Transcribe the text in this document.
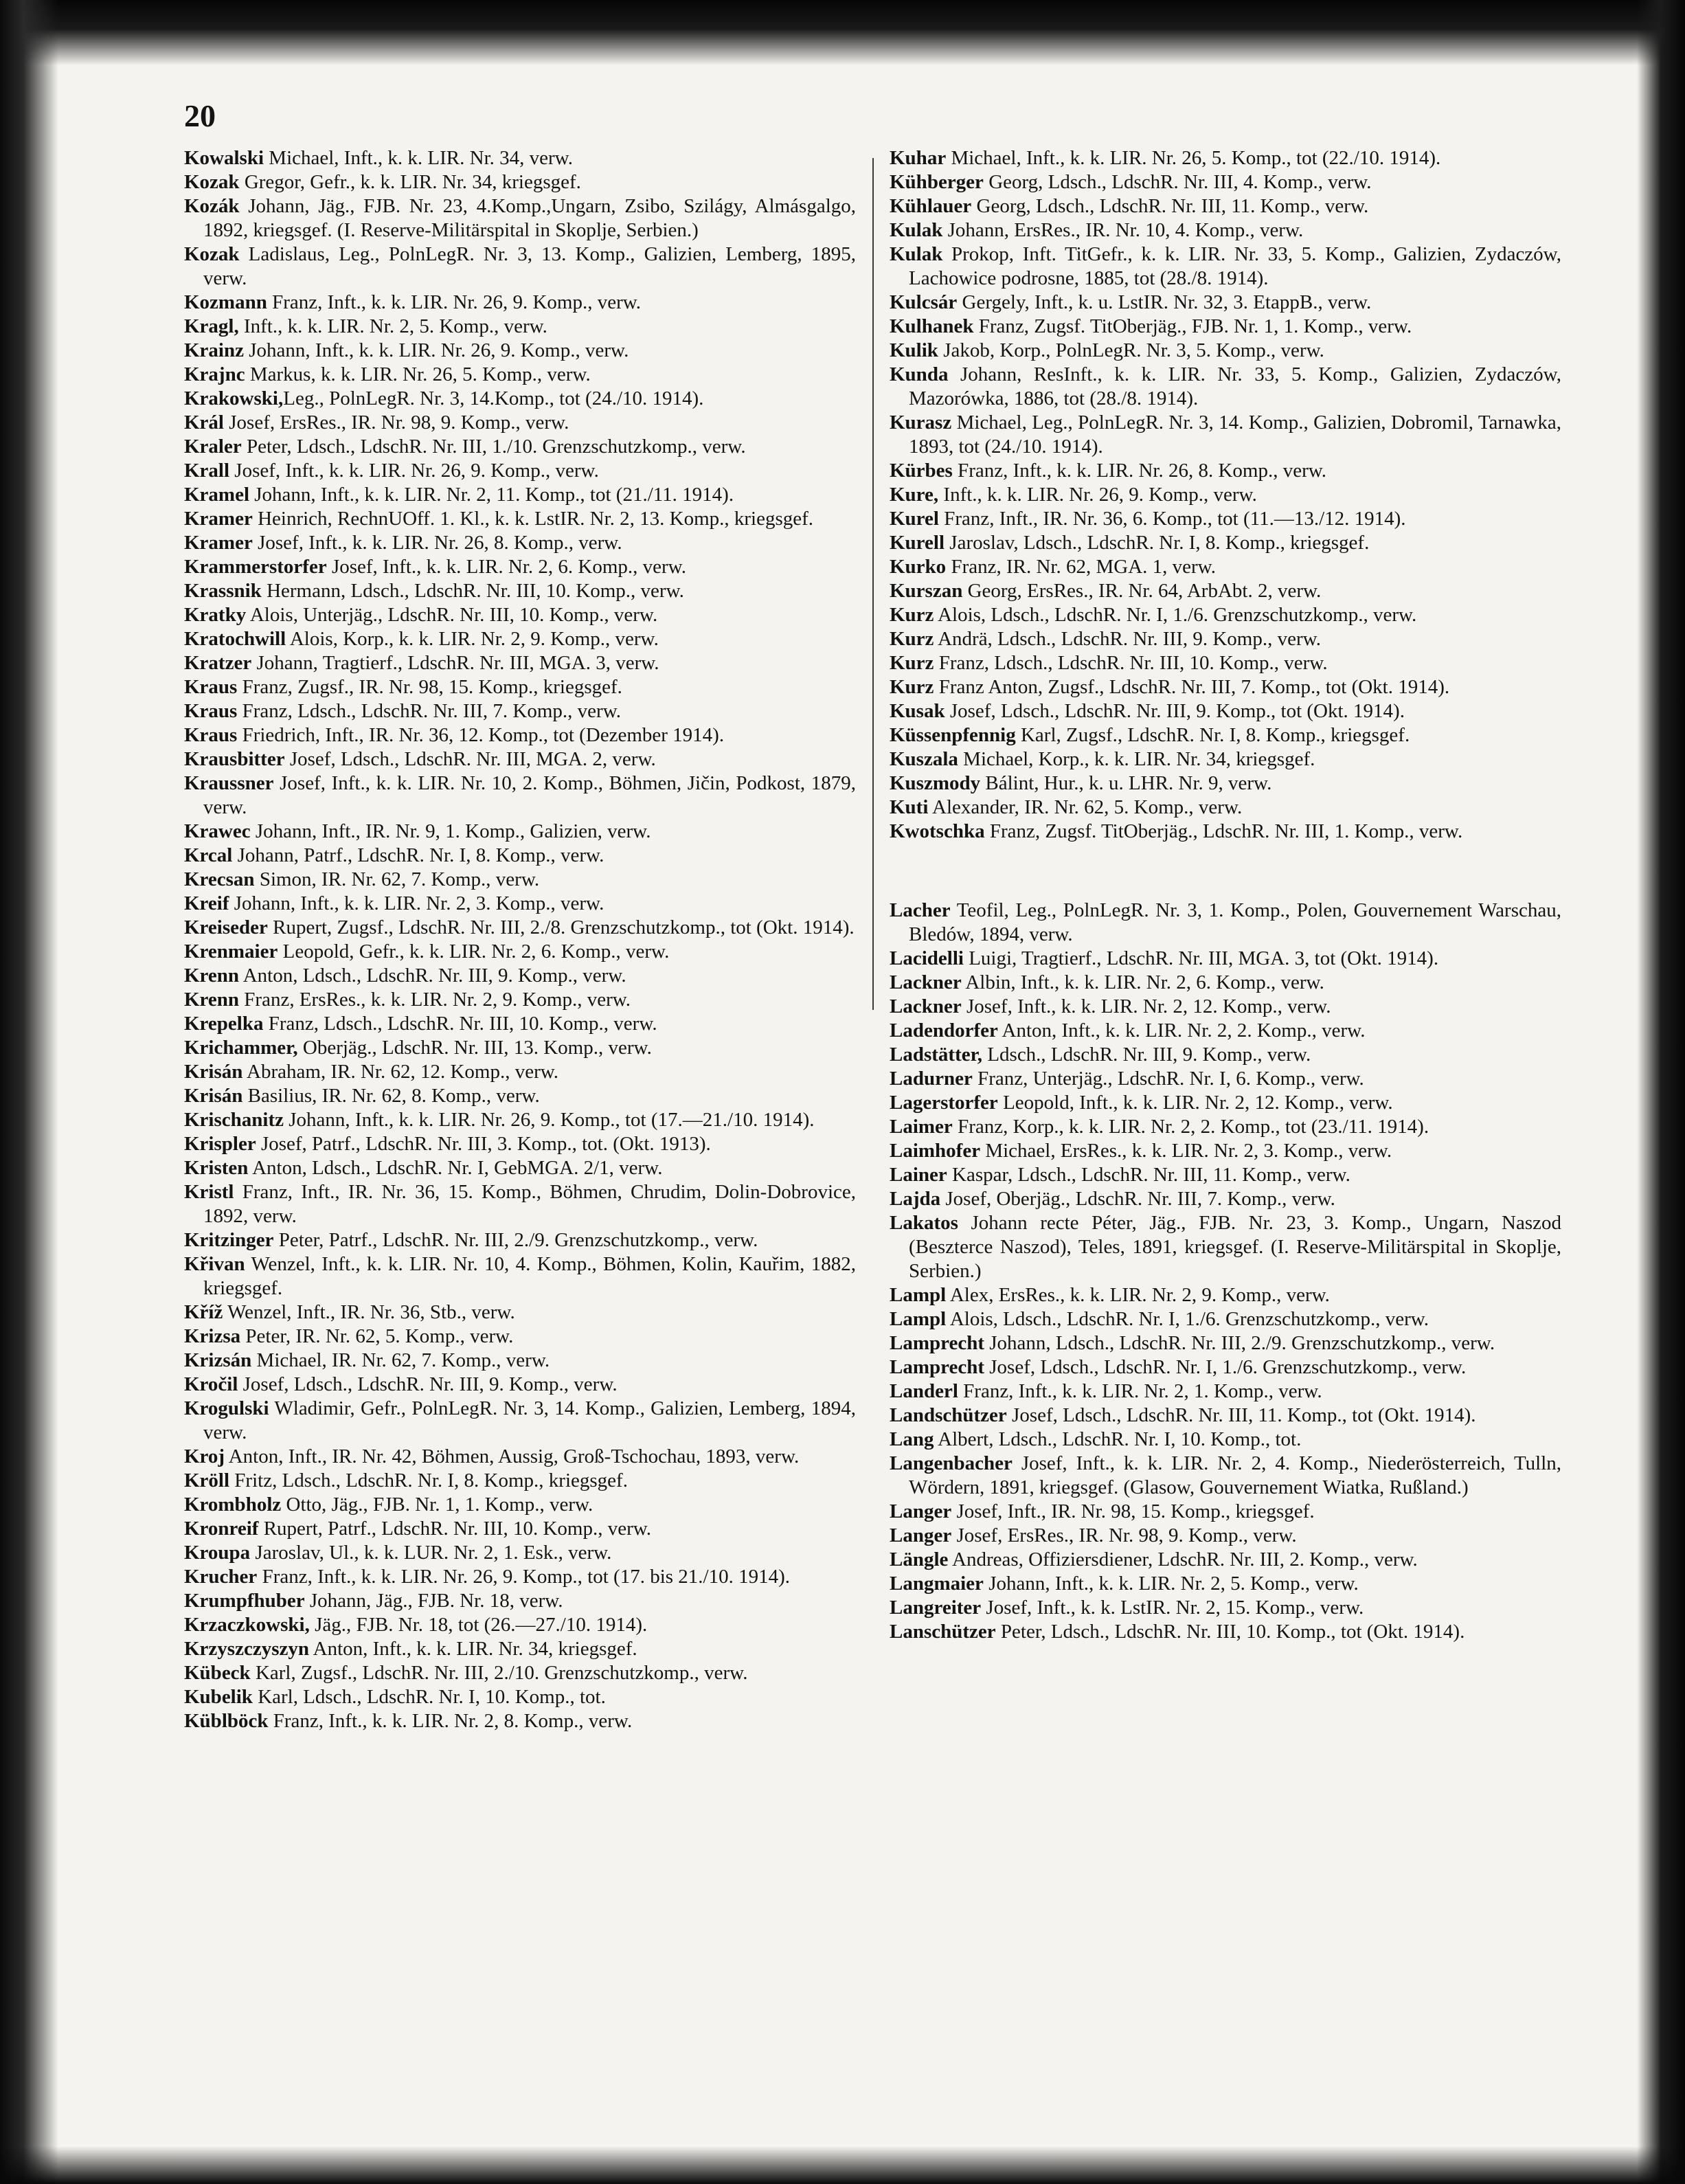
20

Kowalski Michael, Inft., k. k. LIR. Nr. 34, verw.

Kozak Gregor, Gefr., k. k. LIR. Nr. 34, kriegsgef.

Kozák Johann, Jäg., FJB. Nr. 23, 4.Komp.,Ungarn, Zsibo, Szilágy, Almásgalgo, 1892, kriegsgef. (I. Reserve-Militärspital in Skoplje, Serbien.)

Kozak Ladislaus, Leg., PolnLegR. Nr. 3, 13. Komp., Galizien, Lemberg, 1895, verw.

Kozmann Franz, Inft., k. k. LIR. Nr. 26, 9. Komp., verw.

Kragl, Inft., k. k. LIR. Nr. 2, 5. Komp., verw.

Krainz Johann, Inft., k. k. LIR. Nr. 26, 9. Komp., verw.

Krajnc Markus, k. k. LIR. Nr. 26, 5. Komp., verw.

Krakowski,Leg., PolnLegR. Nr. 3, 14.Komp., tot (24./10. 1914).

Král Josef, ErsRes., IR. Nr. 98, 9. Komp., verw.

Kraler Peter, Ldsch., LdschR. Nr. III, 1./10. Grenzschutzkomp., verw.

Krall Josef, Inft., k. k. LIR. Nr. 26, 9. Komp., verw.

Kramel Johann, Inft., k. k. LIR. Nr. 2, 11. Komp., tot (21./11. 1914).

Kramer Heinrich, RechnUOff. 1. Kl., k. k. LstIR. Nr. 2, 13. Komp., kriegsgef.

Kramer Josef, Inft., k. k. LIR. Nr. 26, 8. Komp., verw.

Krammerstorfer Josef, Inft., k. k. LIR. Nr. 2, 6. Komp., verw.

Krassnik Hermann, Ldsch., LdschR. Nr. III, 10. Komp., verw.

Kratky Alois, Unterjäg., LdschR. Nr. III, 10. Komp., verw.

Kratochwill Alois, Korp., k. k. LIR. Nr. 2, 9. Komp., verw.

Kratzer Johann, Tragtierf., LdschR. Nr. III, MGA. 3, verw.

Kraus Franz, Zugsf., IR. Nr. 98, 15. Komp., kriegsgef.

Kraus Franz, Ldsch., LdschR. Nr. III, 7. Komp., verw.

Kraus Friedrich, Inft., IR. Nr. 36, 12. Komp., tot (Dezember 1914).

Krausbitter Josef, Ldsch., LdschR. Nr. III, MGA. 2, verw.

Kraussner Josef, Inft., k. k. LIR. Nr. 10, 2. Komp., Böhmen, Jičin, Podkost, 1879, verw.

Krawec Johann, Inft., IR. Nr. 9, 1. Komp., Galizien, verw.

Krcal Johann, Patrf., LdschR. Nr. I, 8. Komp., verw.

Krecsan Simon, IR. Nr. 62, 7. Komp., verw.

Kreif Johann, Inft., k. k. LIR. Nr. 2, 3. Komp., verw.

Kreiseder Rupert, Zugsf., LdschR. Nr. III, 2./8. Grenzschutzkomp., tot (Okt. 1914).

Krenmaier Leopold, Gefr., k. k. LIR. Nr. 2, 6. Komp., verw.

Krenn Anton, Ldsch., LdschR. Nr. III, 9. Komp., verw.

Krenn Franz, ErsRes., k. k. LIR. Nr. 2, 9. Komp., verw.

Krepelka Franz, Ldsch., LdschR. Nr. III, 10. Komp., verw.

Krichammer, Oberjäg., LdschR. Nr. III, 13. Komp., verw.

Krisán Abraham, IR. Nr. 62, 12. Komp., verw.

Krisán Basilius, IR. Nr. 62, 8. Komp., verw.

Krischanitz Johann, Inft., k. k. LIR. Nr. 26, 9. Komp., tot (17.—21./10. 1914).

Krispler Josef, Patrf., LdschR. Nr. III, 3. Komp., tot. (Okt. 1913).

Kristen Anton, Ldsch., LdschR. Nr. I, GebMGA. 2/1, verw.

Kristl Franz, Inft., IR. Nr. 36, 15. Komp., Böhmen, Chrudim, Dolin-Dobrovice, 1892, verw.

Kritzinger Peter, Patrf., LdschR. Nr. III, 2./9. Grenzschutzkomp., verw.

Křivan Wenzel, Inft., k. k. LIR. Nr. 10, 4. Komp., Böhmen, Kolin, Kauřim, 1882, kriegsgef.

Kříž Wenzel, Inft., IR. Nr. 36, Stb., verw.

Krizsa Peter, IR. Nr. 62, 5. Komp., verw.

Krizsán Michael, IR. Nr. 62, 7. Komp., verw.

Kročil Josef, Ldsch., LdschR. Nr. III, 9. Komp., verw.

Krogulski Wladimir, Gefr., PolnLegR. Nr. 3, 14. Komp., Galizien, Lemberg, 1894, verw.

Kroj Anton, Inft., IR. Nr. 42, Böhmen, Aussig, Groß-Tschochau, 1893, verw.

Kröll Fritz, Ldsch., LdschR. Nr. I, 8. Komp., kriegsgef.

Krombholz Otto, Jäg., FJB. Nr. 1, 1. Komp., verw.

Kronreif Rupert, Patrf., LdschR. Nr. III, 10. Komp., verw.

Kroupa Jaroslav, Ul., k. k. LUR. Nr. 2, 1. Esk., verw.

Krucher Franz, Inft., k. k. LIR. Nr. 26, 9. Komp., tot (17. bis 21./10. 1914).

Krumpfhuber Johann, Jäg., FJB. Nr. 18, verw.

Krzaczkowski, Jäg., FJB. Nr. 18, tot (26.—27./10. 1914).

Krzyszczyszyn Anton, Inft., k. k. LIR. Nr. 34, kriegsgef.

Kübeck Karl, Zugsf., LdschR. Nr. III, 2./10. Grenzschutzkomp., verw.

Kubelik Karl, Ldsch., LdschR. Nr. I, 10. Komp., tot.

Küblböck Franz, Inft., k. k. LIR. Nr. 2, 8. Komp., verw.

Kuhar Michael, Inft., k. k. LIR. Nr. 26, 5. Komp., tot (22./10. 1914).

Kühberger Georg, Ldsch., LdschR. Nr. III, 4. Komp., verw.

Kühlauer Georg, Ldsch., LdschR. Nr. III, 11. Komp., verw.

Kulak Johann, ErsRes., IR. Nr. 10, 4. Komp., verw.

Kulak Prokop, Inft. TitGefr., k. k. LIR. Nr. 33, 5. Komp., Galizien, Zydaczów, Lachowice podrosne, 1885, tot (28./8. 1914).

Kulcsár Gergely, Inft., k. u. LstIR. Nr. 32, 3. EtappB., verw.

Kulhanek Franz, Zugsf. TitOberjäg., FJB. Nr. 1, 1. Komp., verw.

Kulik Jakob, Korp., PolnLegR. Nr. 3, 5. Komp., verw.

Kunda Johann, ResInft., k. k. LIR. Nr. 33, 5. Komp., Galizien, Zydaczów, Mazorówka, 1886, tot (28./8. 1914).

Kurasz Michael, Leg., PolnLegR. Nr. 3, 14. Komp., Galizien, Dobromil, Tarnawka, 1893, tot (24./10. 1914).

Kürbes Franz, Inft., k. k. LIR. Nr. 26, 8. Komp., verw.

Kure, Inft., k. k. LIR. Nr. 26, 9. Komp., verw.

Kurel Franz, Inft., IR. Nr. 36, 6. Komp., tot (11.—13./12. 1914).

Kurell Jaroslav, Ldsch., LdschR. Nr. I, 8. Komp., kriegsgef.

Kurko Franz, IR. Nr. 62, MGA. 1, verw.

Kurszan Georg, ErsRes., IR. Nr. 64, ArbAbt. 2, verw.

Kurz Alois, Ldsch., LdschR. Nr. I, 1./6. Grenzschutzkomp., verw.

Kurz Andrä, Ldsch., LdschR. Nr. III, 9. Komp., verw.

Kurz Franz, Ldsch., LdschR. Nr. III, 10. Komp., verw.

Kurz Franz Anton, Zugsf., LdschR. Nr. III, 7. Komp., tot (Okt. 1914).

Kusak Josef, Ldsch., LdschR. Nr. III, 9. Komp., tot (Okt. 1914).

Küssenpfennig Karl, Zugsf., LdschR. Nr. I, 8. Komp., kriegsgef.

Kuszala Michael, Korp., k. k. LIR. Nr. 34, kriegsgef.

Kuszmody Bálint, Hur., k. u. LHR. Nr. 9, verw.

Kuti Alexander, IR. Nr. 62, 5. Komp., verw.

Kwotschka Franz, Zugsf. TitOberjäg., LdschR. Nr. III, 1. Komp., verw.

Lacher Teofil, Leg., PolnLegR. Nr. 3, 1. Komp., Polen, Gouvernement Warschau, Bledów, 1894, verw.

Lacidelli Luigi, Tragtierf., LdschR. Nr. III, MGA. 3, tot (Okt. 1914).

Lackner Albin, Inft., k. k. LIR. Nr. 2, 6. Komp., verw.

Lackner Josef, Inft., k. k. LIR. Nr. 2, 12. Komp., verw.

Ladendorfer Anton, Inft., k. k. LIR. Nr. 2, 2. Komp., verw.

Ladstätter, Ldsch., LdschR. Nr. III, 9. Komp., verw.

Ladurner Franz, Unterjäg., LdschR. Nr. I, 6. Komp., verw.

Lagerstorfer Leopold, Inft., k. k. LIR. Nr. 2, 12. Komp., verw.

Laimer Franz, Korp., k. k. LIR. Nr. 2, 2. Komp., tot (23./11. 1914).

Laimhofer Michael, ErsRes., k. k. LIR. Nr. 2, 3. Komp., verw.

Lainer Kaspar, Ldsch., LdschR. Nr. III, 11. Komp., verw.

Lajda Josef, Oberjäg., LdschR. Nr. III, 7. Komp., verw.

Lakatos Johann recte Péter, Jäg., FJB. Nr. 23, 3. Komp., Ungarn, Naszod (Beszterce Naszod), Teles, 1891, kriegsgef. (I. Reserve-Militärspital in Skoplje, Serbien.)

Lampl Alex, ErsRes., k. k. LIR. Nr. 2, 9. Komp., verw.

Lampl Alois, Ldsch., LdschR. Nr. I, 1./6. Grenzschutzkomp., verw.

Lamprecht Johann, Ldsch., LdschR. Nr. III, 2./9. Grenzschutzkomp., verw.

Lamprecht Josef, Ldsch., LdschR. Nr. I, 1./6. Grenzschutzkomp., verw.

Landerl Franz, Inft., k. k. LIR. Nr. 2, 1. Komp., verw.

Landschützer Josef, Ldsch., LdschR. Nr. III, 11. Komp., tot (Okt. 1914).

Lang Albert, Ldsch., LdschR. Nr. I, 10. Komp., tot.

Langenbacher Josef, Inft., k. k. LIR. Nr. 2, 4. Komp., Niederösterreich, Tulln, Wördern, 1891, kriegsgef. (Glasow, Gouvernement Wiatka, Rußland.)

Langer Josef, Inft., IR. Nr. 98, 15. Komp., kriegsgef.

Langer Josef, ErsRes., IR. Nr. 98, 9. Komp., verw.

Längle Andreas, Offiziersdiener, LdschR. Nr. III, 2. Komp., verw.

Langmaier Johann, Inft., k. k. LIR. Nr. 2, 5. Komp., verw.

Langreiter Josef, Inft., k. k. LstIR. Nr. 2, 15. Komp., verw.

Lanschützer Peter, Ldsch., LdschR. Nr. III, 10. Komp., tot (Okt. 1914).
